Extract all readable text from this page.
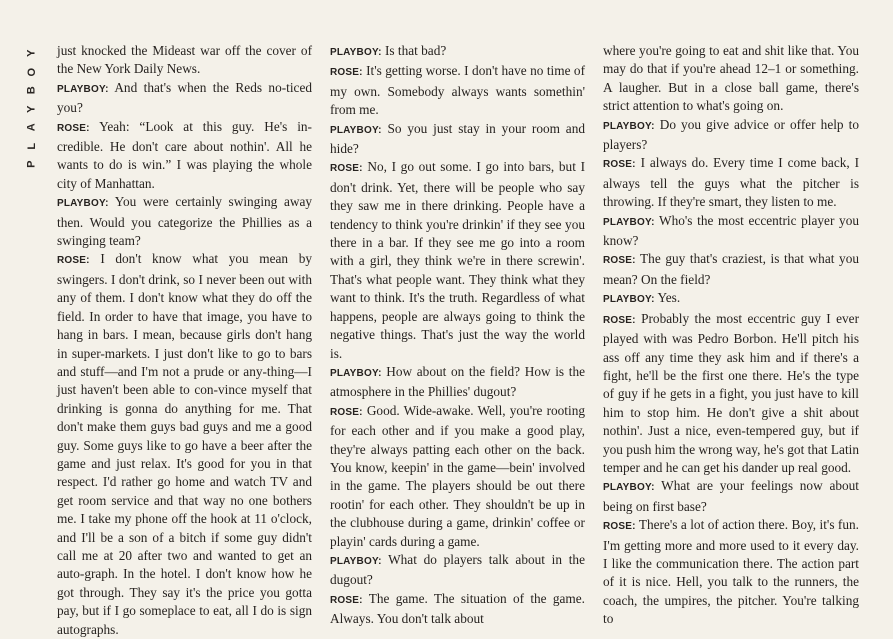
Y
O
B
Y
A
L
P

just knocked the Mideast war off the cover of the New York Daily News.

PLAYBOY: And that's when the Reds no-ticed you?

ROSE: Yeah: “Look at this guy. He's in-credible. He don't care about nothin'. All he wants to do is win.” I was playing the whole city of Manhattan.

PLAYBOY: You were certainly swinging away then. Would you categorize the Phillies as a swinging team?

ROSE: I don't know what you mean by swingers. I don't drink, so I never been out with any of them. I don't know what they do off the field. In order to have that image, you have to hang in bars. I mean, because girls don't hang in super-markets. I just don't like to go to bars and stuff—and I'm not a prude or any-thing—I just haven't been able to con-vince myself that drinking is gonna do anything for me. That don't make them guys bad guys and me a good guy. Some guys like to go have a beer after the game and just relax. It's good for you in that respect. I'd rather go home and watch TV and get room service and that way no one bothers me. I take my phone off the hook at 11 o'clock, and I'll be a son of a bitch if some guy didn't call me at 20 after two and wanted to get an auto-graph. In the hotel. I don't know how he got through. They say it's the price you gotta pay, but if I go someplace to eat, all I do is sign autographs.

PLAYBOY: Is that bad?

ROSE: It's getting worse. I don't have no time of my own. Somebody always wants somethin' from me.

PLAYBOY: So you just stay in your room and hide?

ROSE: No, I go out some. I go into bars, but I don't drink. Yet, there will be people who say they saw me in there drinking. People have a tendency to think you're drinkin' if they see you there in a bar. If they see me go into a room with a girl, they think we're in there screwin'. That's what people want. They think what they want to think. It's the truth. Regardless of what happens, people are always going to think the negative things. That's just the way the world is.

PLAYBOY: How about on the field? How is the atmosphere in the Phillies' dugout?

ROSE: Good. Wide-awake. Well, you're rooting for each other and if you make a good play, they're always patting each other on the back. You know, keepin' in the game—bein' involved in the game. The players should be out there rootin' for each other. They shouldn't be up in the clubhouse during a game, drinkin' coffee or playin' cards during a game.

PLAYBOY: What do players talk about in the dugout?

ROSE: The game. The situation of the game. Always. You don't talk about

where you're going to eat and shit like that. You may do that if you're ahead 12–1 or something. A laugher. But in a close ball game, there's strict attention to what's going on.

PLAYBOY: Do you give advice or offer help to players?

ROSE: I always do. Every time I come back, I always tell the guys what the pitcher is throwing. If they're smart, they listen to me.

PLAYBOY: Who's the most eccentric player you know?

ROSE: The guy that's craziest, is that what you mean? On the field?

PLAYBOY: Yes.

ROSE: Probably the most eccentric guy I ever played with was Pedro Borbon. He'll pitch his ass off any time they ask him and if there's a fight, he'll be the first one there. He's the type of guy if he gets in a fight, you just have to kill him to stop him. He don't give a shit about nothin'. Just a nice, even-tempered guy, but if you push him the wrong way, he's got that Latin temper and he can get his dander up real good.

PLAYBOY: What are your feelings now about being on first base?

ROSE: There's a lot of action there. Boy, it's fun. I'm getting more and more used to it every day. I like the communication there. The action part of it is nice. Hell, you talk to the runners, the coach, the umpires, the pitcher. You're talking to
